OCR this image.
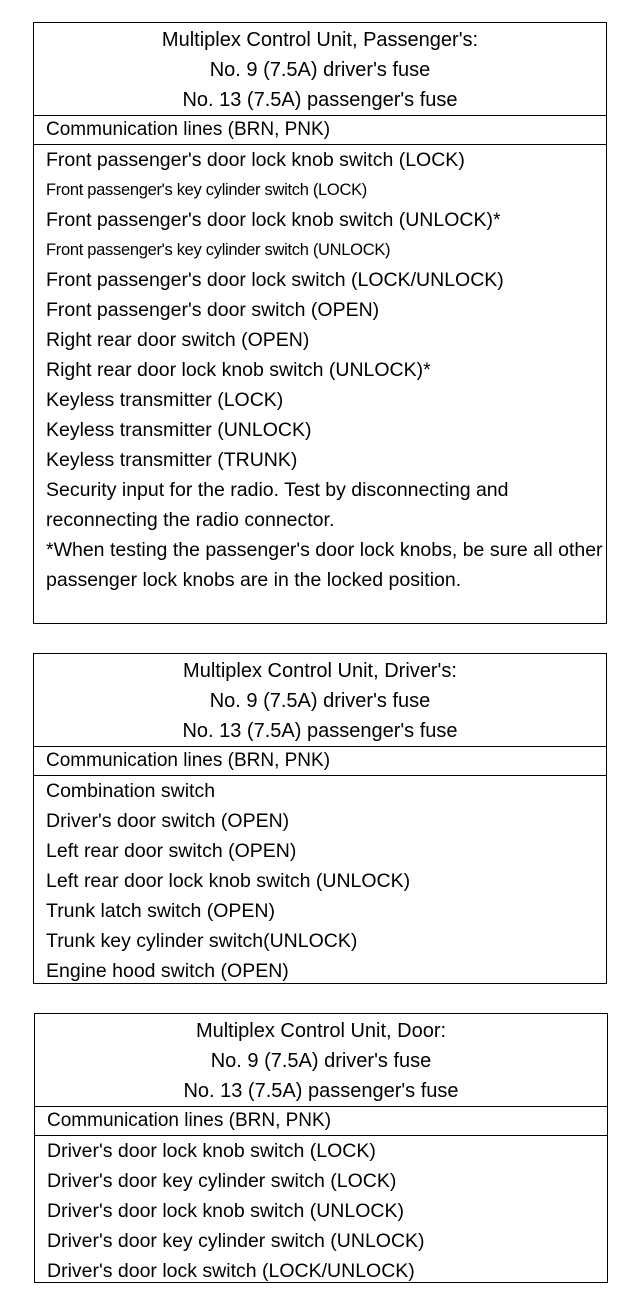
Multiplex Control Unit, Passenger's:
No. 9 (7.5A) driver's fuse
No. 13 (7.5A) passenger's fuse
Communication lines (BRN, PNK)
Front passenger's door lock knob switch (LOCK)
Front passenger's key cylinder switch (LOCK)
Front passenger's door lock knob switch (UNLOCK)*
Front passenger's key cylinder switch (UNLOCK)
Front passenger's door lock switch (LOCK/UNLOCK)
Front passenger's door switch (OPEN)
Right rear door switch (OPEN)
Right rear door lock knob switch (UNLOCK)*
Keyless transmitter (LOCK)
Keyless transmitter (UNLOCK)
Keyless transmitter (TRUNK)
Security input for the radio. Test by disconnecting and reconnecting the radio connector.
*When testing the passenger's door lock knobs, be sure all other passenger lock knobs are in the locked position.
Multiplex Control Unit, Driver's:
No. 9 (7.5A) driver's fuse
No. 13 (7.5A) passenger's fuse
Communication lines (BRN, PNK)
Combination switch
Driver's door switch (OPEN)
Left rear door switch (OPEN)
Left rear door lock knob switch (UNLOCK)
Trunk latch switch (OPEN)
Trunk key cylinder switch(UNLOCK)
Engine hood switch (OPEN)
Multiplex Control Unit, Door:
No. 9 (7.5A) driver's fuse
No. 13 (7.5A) passenger's fuse
Communication lines (BRN, PNK)
Driver's door lock knob switch (LOCK)
Driver's door key cylinder switch (LOCK)
Driver's door lock knob switch (UNLOCK)
Driver's door key cylinder switch (UNLOCK)
Driver's door lock switch (LOCK/UNLOCK)
